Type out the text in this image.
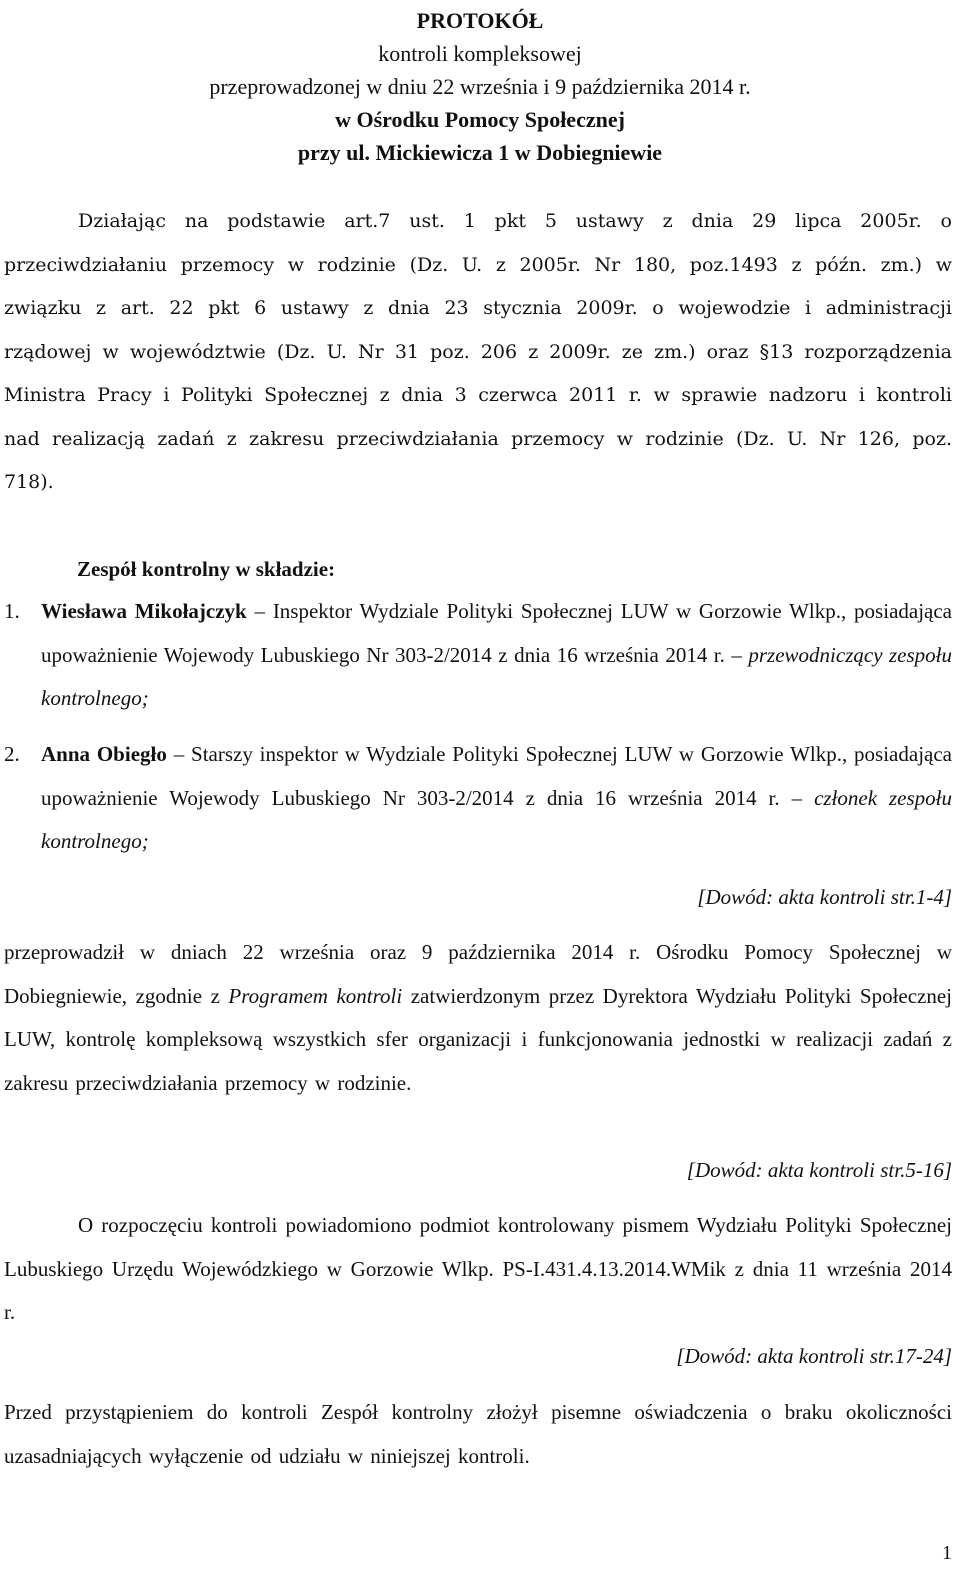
PROTOKÓŁ
kontroli kompleksowej
przeprowadzonej w dniu 22 września i 9 października 2014 r.
w Ośrodku Pomocy Społecznej
przy ul. Mickiewicza 1 w Dobiegniewie
Działając na podstawie art.7 ust. 1 pkt 5 ustawy z dnia 29 lipca 2005r. o przeciwdziałaniu przemocy w rodzinie (Dz. U. z 2005r. Nr 180, poz.1493 z późn. zm.) w związku z art. 22 pkt 6 ustawy z dnia 23 stycznia 2009r. o wojewodzie i administracji rządowej w województwie (Dz. U. Nr 31 poz. 206 z 2009r. ze zm.) oraz §13 rozporządzenia Ministra Pracy i Polityki Społecznej z dnia 3 czerwca 2011 r. w sprawie nadzoru i kontroli nad realizacją zadań z zakresu przeciwdziałania przemocy w rodzinie (Dz. U. Nr 126, poz. 718).
Zespół kontrolny w składzie:
1. Wiesława Mikołajczyk – Inspektor Wydziale Polityki Społecznej LUW w Gorzowie Wlkp., posiadająca upoważnienie Wojewody Lubuskiego Nr 303-2/2014 z dnia 16 września 2014 r. – przewodniczący zespołu kontrolnego;
2. Anna Obiegło – Starszy inspektor w Wydziale Polityki Społecznej LUW w Gorzowie Wlkp., posiadająca upoważnienie Wojewody Lubuskiego Nr 303-2/2014 z dnia 16 września 2014 r. – członek zespołu kontrolnego;
[Dowód: akta kontroli str.1-4]
przeprowadził w dniach 22 września oraz 9 października 2014 r. Ośrodku Pomocy Społecznej w Dobiegniewie, zgodnie z Programem kontroli zatwierdzonym przez Dyrektora Wydziału Polityki Społecznej LUW, kontrolę kompleksową wszystkich sfer organizacji i funkcjonowania jednostki w realizacji zadań z zakresu przeciwdziałania przemocy w rodzinie.
[Dowód: akta kontroli str.5-16]
O rozpoczęciu kontroli powiadomiono podmiot kontrolowany pismem Wydziału Polityki Społecznej Lubuskiego Urzędu Wojewódzkiego w Gorzowie Wlkp. PS-I.431.4.13.2014.WMik z dnia 11 września 2014 r.
[Dowód: akta kontroli str.17-24]
Przed przystąpieniem do kontroli Zespół kontrolny złożył pisemne oświadczenia o braku okoliczności uzasadniających wyłączenie od udziału w niniejszej kontroli.
1
